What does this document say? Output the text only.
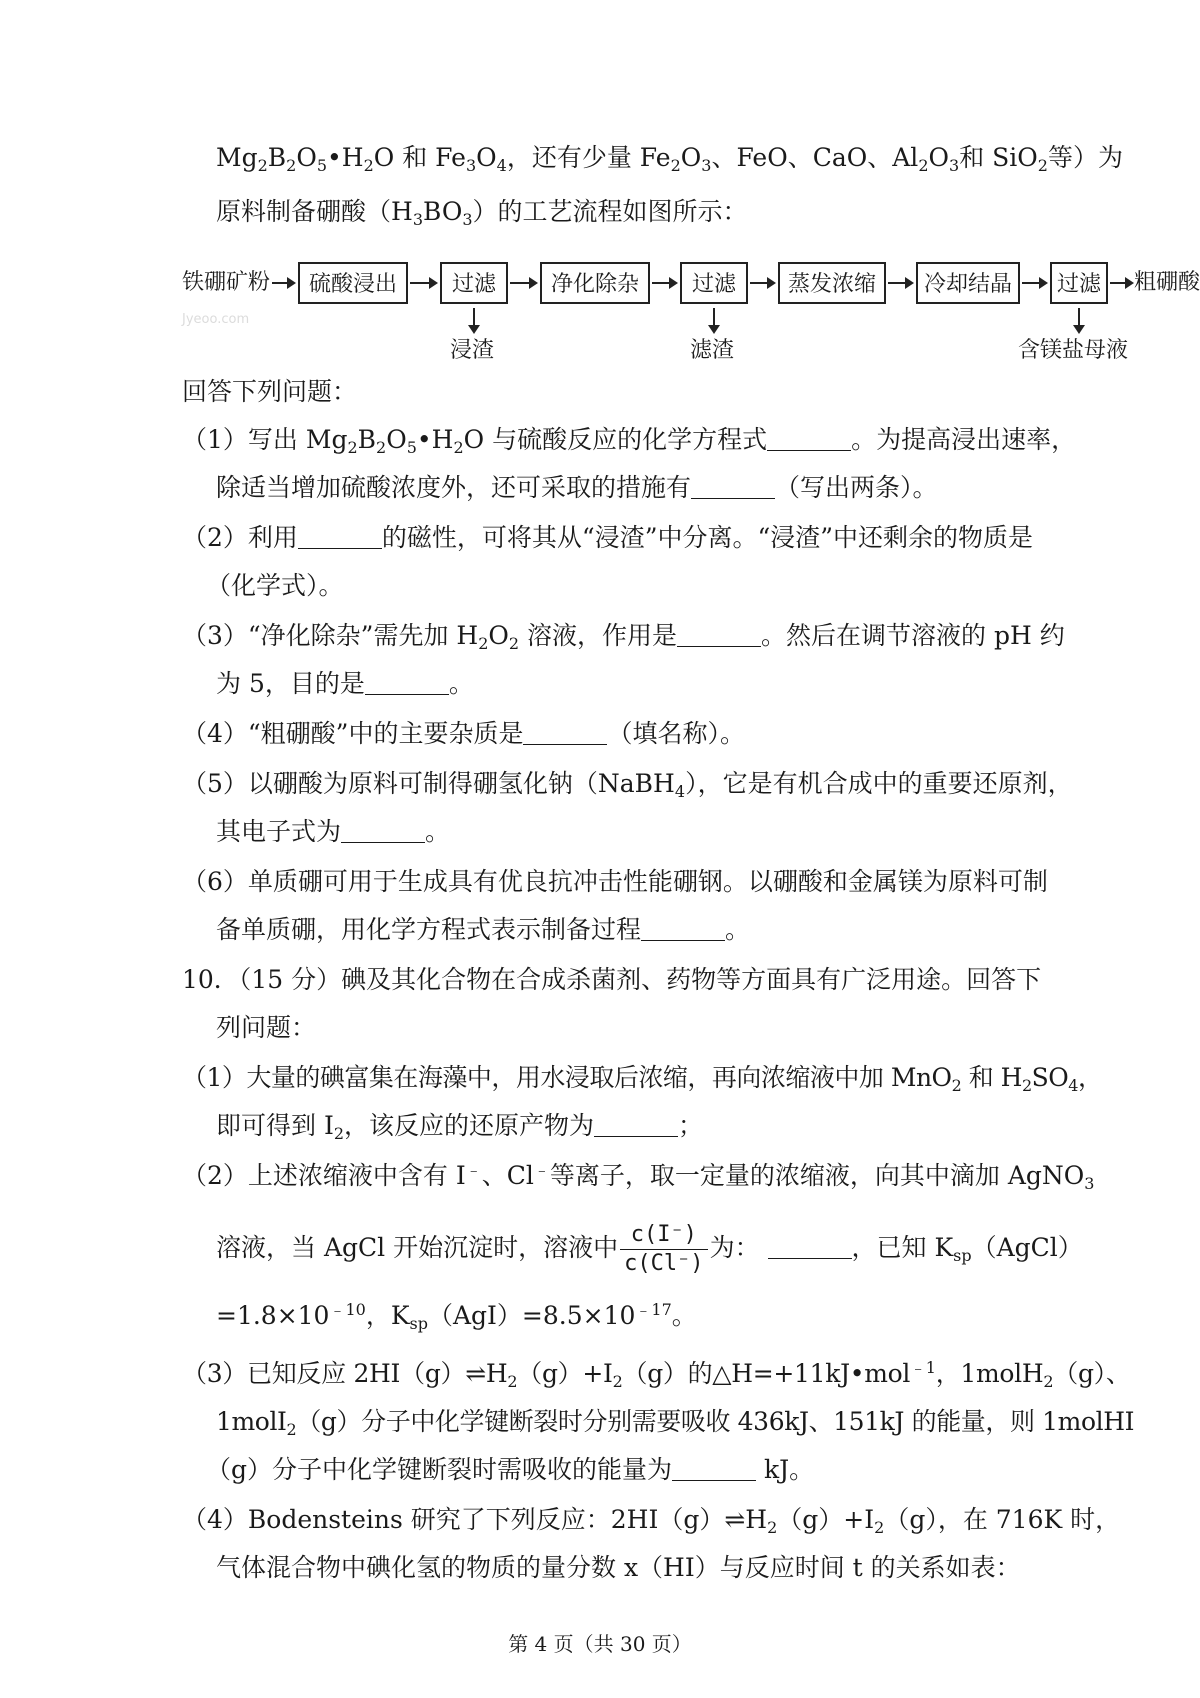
$Mg_2B_2O_5•H_2O$ 和 $Fe_3O_4$，还有少量 $Fe_2O_3$、FeO、CaO、$Al_2O_3$和 SiO$_2$等）为
原料制备硼酸$(H_3BO_3)$的工艺流程如图所示：
铁硼矿粉	硫酸浸出	过滤
浸渣
净化除杂	过滤
滤渣
蒸发浓缩	冷却结晶	过滤
含镁盐母液
粗硼酸
Jyeoo.com
回答下列问题：
（1）写出 $Mg_2B_2O_5•H_2O$ 与硫酸反应的化学方程式	。为提高浸出速率，
除适当增加硫酸浓度外，还可采取的措施有	（写出两条）。
（2）利用	的磁性，可将其从“浸渣”中分离。“浸渣”中还剩余的物质是
（化学式）。
（3）“净化除杂”需先加 $H_2O_2$ 溶液，作用是	。然后在调节溶液的 pH 约
为 5，目的是	。
（4）“粗硼酸”中的主要杂质是	（填名称）。
（5）以硼酸为原料可制得硼氢化钠（NaBH$_4$），它是有机合成中的重要还原剂，
其电子式为	。
（6）单质硼可用于生成具有优良抗冲击性能硼钢。以硼酸和金属镁为原料可制
备单质硼，用化学方程式表示制备过程	。
10．（15 分）碘及其化合物在合成杀菌剂、药物等方面具有广泛用途。回答下
列问题：
（1）大量的碘富集在海藻中，用水浸取后浓缩，再向浓缩液中加 MnO$_2$ 和 $H_2SO_4$，
即可得到 $I_2$，该反应的还原产物为	；
（2）上述浓缩液中含有 I﹣、Cl﹣等离子，取一定量的浓缩液，向其中滴加 AgNO$_3$
溶液，当 AgCl 开始沉淀时，溶液中 $\frac{c(I^-)}{c(Cl^-)}$ 为：	，已知 $K_{sp}(AgCl)$
$=1.8\times 10^{﹣10}$，$K_{sp}(AgI)=8.5\times 10^{﹣17}$。
（3）已知反应 $2HI(g)\rightleftharpoons H_2(g)+I_2(g)$的△H=+11kJ•mol$^{﹣1}$，1molH$_2$（g）、
1molI$_2$（g）分子中化学键断裂时分别需要吸收 436kJ、151kJ 的能量，则 1molHI
（g）分子中化学键断裂时需吸收的能量为	kJ。
（4）Bodensteins 研究了下列反应：$2HI(g)\rightleftharpoons H_2(g)+I_2(g)$，在 716K 时，
气体混合物中碘化氢的物质的量分数 x（HI）与反应时间 t 的关系如表：
第 4 页（共 30 页）
